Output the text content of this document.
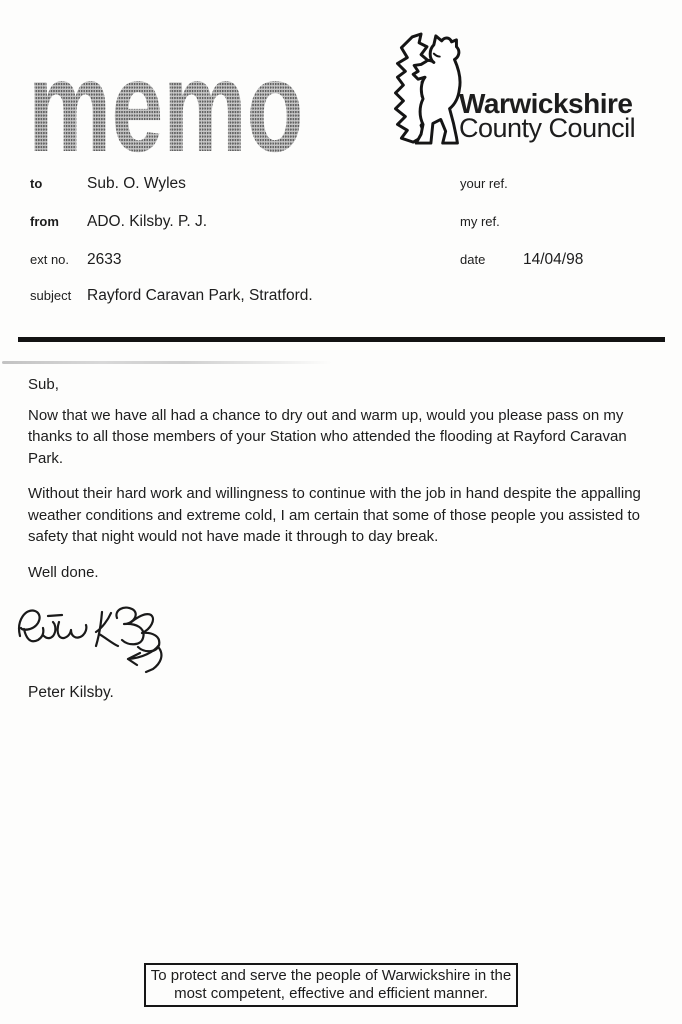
memo	Warwickshire
County Council
to	Sub. O. Wyles
from ADO. Kilsby. P. J.
ext no. 2633
subject Rayford Caravan Park, Stratford.
your ref.
my ref.
date 14/04/98
Sub,

Now that we have all had a chance to dry out and warm up, would you please pass on my thanks to all those members of your Station who attended the flooding at Rayford Caravan Park.

Without their hard work and willingness to continue with the job in hand despite the appalling weather conditions and extreme cold, I am certain that some of those people you assisted to safety that night would not have made it through to day break.

Well done.
Peter Kilsby.
To protect and serve the people of Warwickshire in the most competent, effective and efficient manner.
